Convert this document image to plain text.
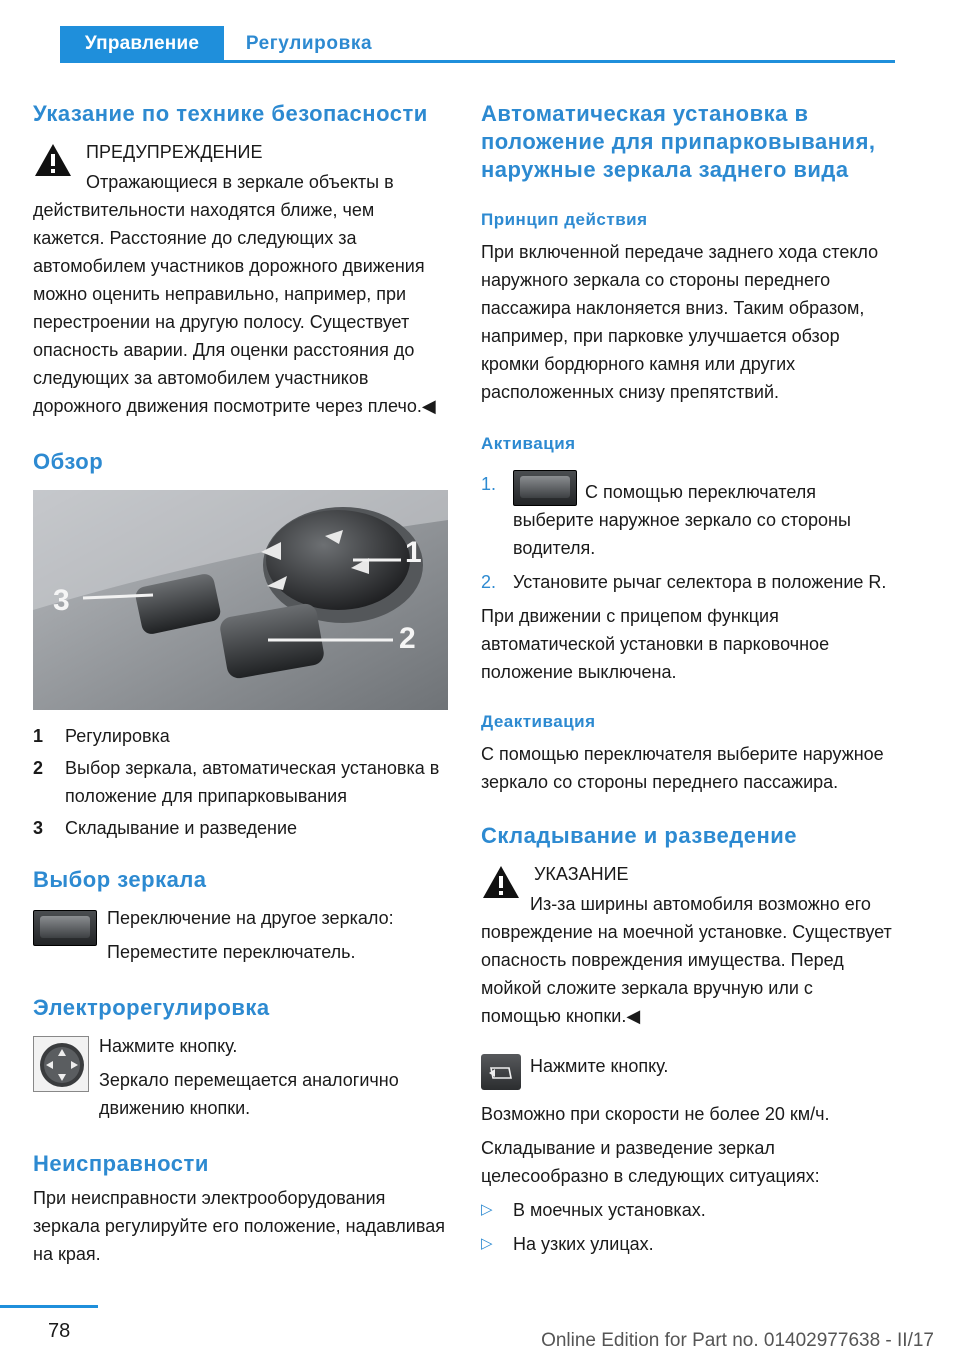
Управление	Регулировка
Указание по технике безопасности

ПРЕДУПРЕЖДЕНИЕ

Отражающиеся в зеркале объекты в действительности находятся ближе, чем кажется. Расстояние до следующих за автомобилем участников дорожного движения можно оценить неправильно, например, при перестроении на другую полосу. Существует опасность аварии. Для оценки расстояния до следующих за автомобилем участников дорожного движения посмотрите через плечо.◀

Обзор
1
2
3
1	Регулировка
2	Выбор зеркала, автоматическая установка в положение для припарковывания
3	Складывание и разведение
Выбор зеркала

Переключение на другое зеркало:

Переместите переключатель.

Электрорегулировка

Нажмите кнопку.

Зеркало перемещается аналогично движению кнопки.

Неисправности

При неисправности электрооборудования зеркала регулируйте его положение, надавливая на края.

Автоматическая установка в положение для припарковывания, наружные зеркала заднего вида
Принцип действия

При включенной передаче заднего хода стекло наружного зеркала со стороны переднего пассажира наклоняется вниз. Таким образом, например, при парковке улучшается обзор кромки бордюрного камня или других расположенных снизу препятствий.

Активация
1.	С помощью переключателя выберите наружное зеркало со стороны водителя.
2. Установите рычаг селектора в положение R.

При движении с прицепом функция автоматической установки в парковочное положение выключена.

Деактивация

С помощью переключателя выберите наружное зеркало со стороны переднего пассажира.

Складывание и разведение

УКАЗАНИЕ

Из-за ширины автомобиля возможно его повреждение на моечной установке. Существует опасность повреждения имущества. Перед мойкой сложите зеркала вручную или с помощью кнопки.◀

Нажмите кнопку.

Возможно при скорости не более 20 км/ч.

Складывание и разведение зеркал целесообразно в следующих ситуациях:

▷	В моечных установках.
▷	На узких улицах.
78	Online Edition for Part no. 01402977638 - II/17
